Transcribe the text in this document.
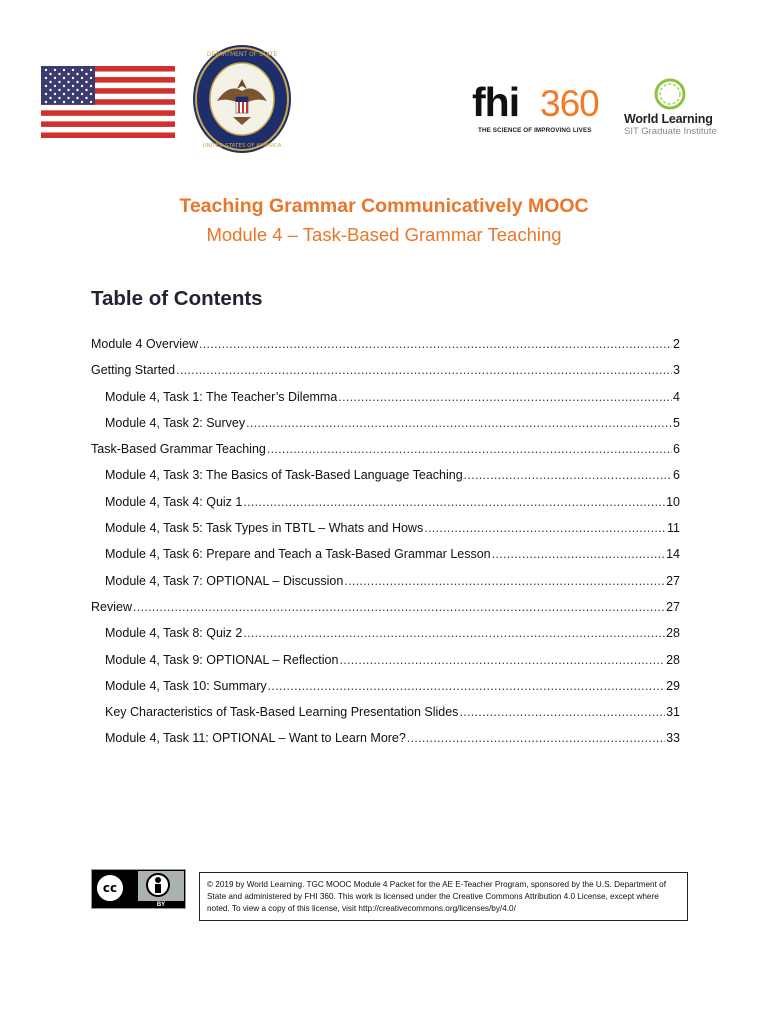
DEPARTMENT OF STATE
UNITED STATES OF AMERICA
fhi 360
THE SCIENCE OF IMPROVING LIVES
World Learning
SIT Graduate Institute
Teaching Grammar Communicatively MOOC
Module 4 – Task-Based Grammar Teaching
Table of Contents
Module 4 Overview .....	2
Getting Started .....	3
Module 4, Task 1: The Teacher’s Dilemma .....	4
Module 4, Task 2: Survey .....	5
Task-Based Grammar Teaching .....	6
Module 4, Task 3: The Basics of Task-Based Language Teaching .....	6
Module 4, Task 4: Quiz 1 .....	10
Module 4, Task 5: Task Types in TBTL – Whats and Hows .....	11
Module 4, Task 6: Prepare and Teach a Task-Based Grammar Lesson .....	14
Module 4, Task 7: OPTIONAL – Discussion .....	27
Review .....	27
Module 4, Task 8: Quiz 2 .....	28
Module 4, Task 9: OPTIONAL – Reflection .....	28
Module 4, Task 10: Summary .....	29
Key Characteristics of Task-Based Learning Presentation Slides .....	31
Module 4, Task 11: OPTIONAL – Want to Learn More? .....	33
cc
BY
© 2019 by World Learning. TGC MOOC Module 4 Packet for the AE E-Teacher Program, sponsored by the U.S. Department of State and administered by FHI 360. This work is licensed under the Creative Commons Attribution 4.0 License, except where noted. To view a copy of this license, visit http://creativecommons.org/licenses/by/4.0/
